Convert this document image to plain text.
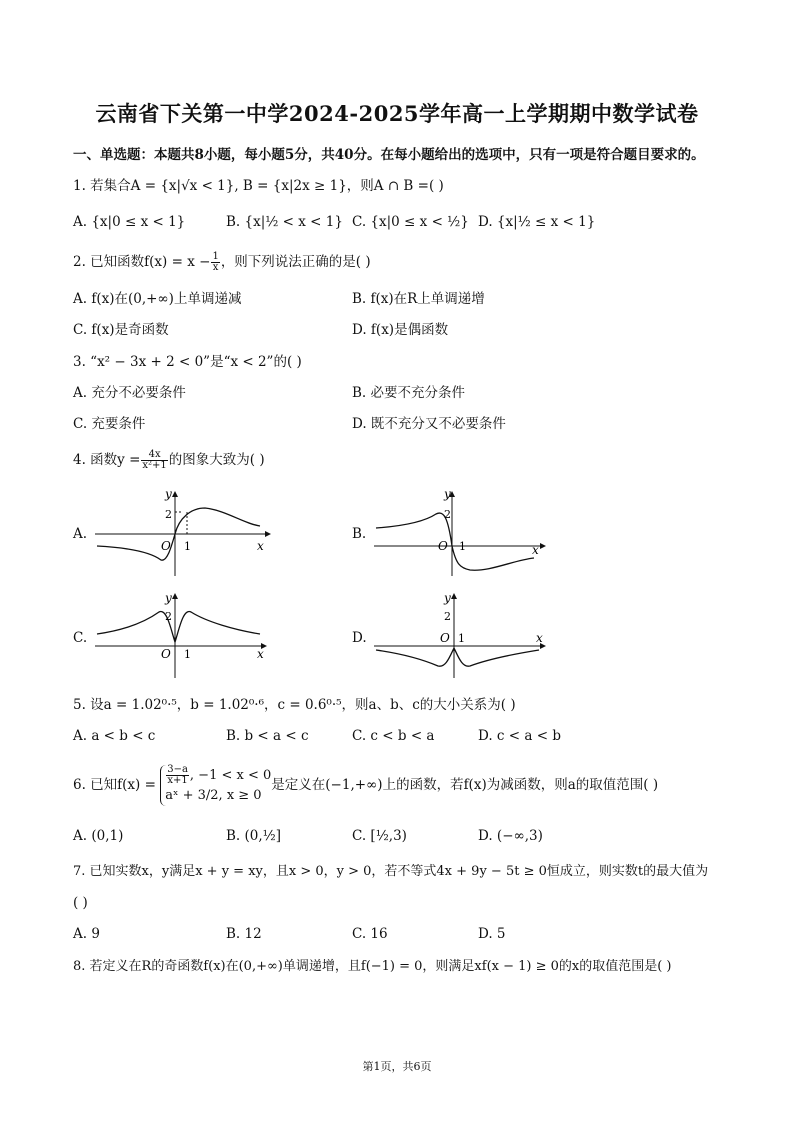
云南省下关第一中学2024-2025学年高一上学期期中数学试卷
一、单选题：本题共8小题，每小题5分，共40分。在每小题给出的选项中，只有一项是符合题目要求的。
1. 若集合A = {x|√x < 1}, B = {x|2x ≥ 1}，则A ∩ B =( )
A. {x|0 ≤ x < 1}	B. {x|½ < x < 1} C. {x|0 ≤ x < ½} D. {x|½ ≤ x < 1}
2. 已知函数$f(x) = x - \frac{1}{x}$ ，则下列说法正确的是( )
A. f(x)在(0,+∞)上单调递减	B. f(x)在R上单调递增
C. f(x)是奇函数	D. f(x)是偶函数
3. “x² − 3x + 2 < 0”是“x < 2”的( )
A. 充分不必要条件	B. 必要不充分条件
C. 充要条件	D. 既不充分又不必要条件
4. 函数$y = \frac{4x}{\text{x²+1}}$ 的图象大致为( )
A.
y
2
O 1	x
B.
y
2
O 1	x
C.
y
2
O 1	x
D.
y
2
O 1	x
5. 设a = 1.02⁰·⁵，b = 1.02⁰·⁶，c = 0.6⁰·⁵，则a、b、c的大小关系为( )
A. a < b < c	B. b < a < c	C. c < b < a	D. c < a < b
6. 已知$f(x) = \frac{3-a}{x+1}$ , −1 < x < 0
aˣ + 3/2, x ≥ 0
是定义在(−1,+∞)上的函数，若f(x)为减函数，则a的取值范围( )
A. (0,1)	B. (0,½]	C. [½,3)	D. (−∞,3)
7. 已知实数x，y满足x + y = xy，且x > 0，y > 0，若不等式4x + 9y − 5t ≥ 0恒成立，则实数t的最大值为
( )
A. 9	B. 12	C. 16	D. 5
8. 若定义在R的奇函数f(x)在(0,+∞)单调递增，且f(−1) = 0，则满足xf(x − 1) ≥ 0的x的取值范围是( )
第1页，共6页
